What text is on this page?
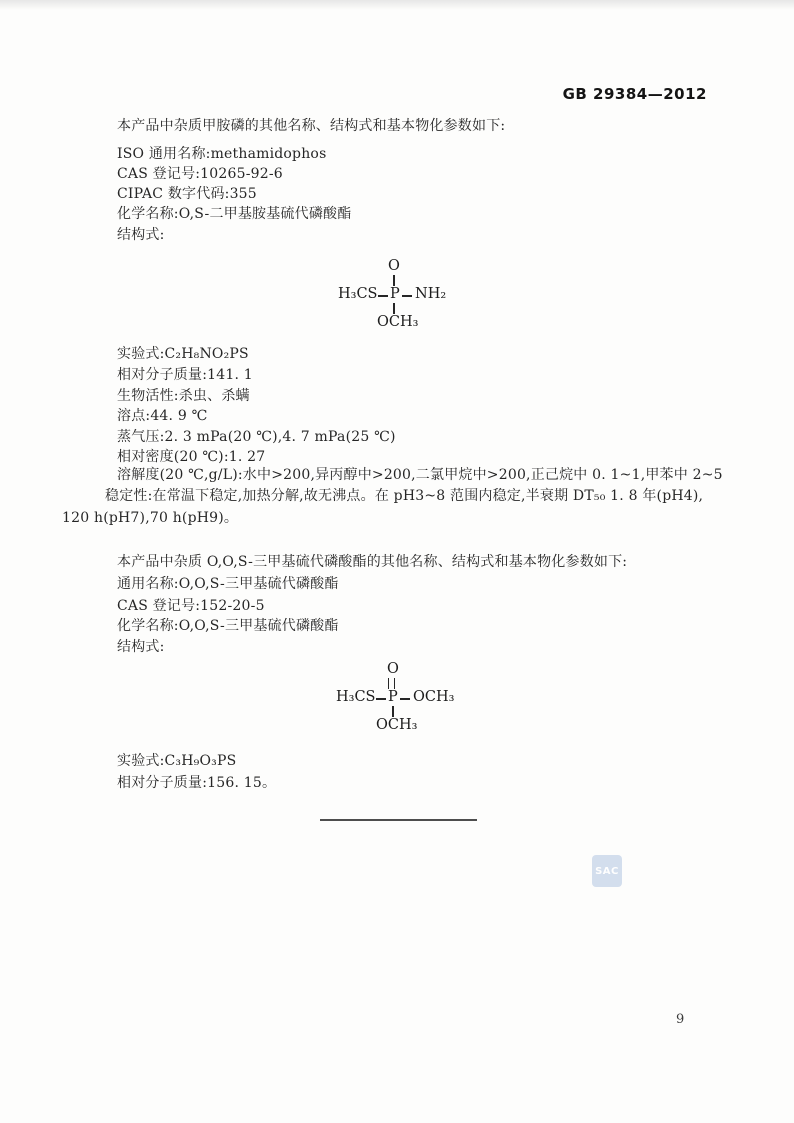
GB 29384—2012
本产品中杂质甲胺磷的其他名称、结构式和基本物化参数如下:
ISO 通用名称:methamidophos
CAS 登记号:10265-92-6
CIPAC 数字代码:355
化学名称:O,S-二甲基胺基硫代磷酸酯
结构式:
O
H₃CS P NH₂
OCH₃
实验式:C₂H₈NO₂PS
相对分子质量:141. 1
生物活性:杀虫、杀螨
溶点:44. 9 ℃
蒸气压:2. 3 mPa(20 ℃),4. 7 mPa(25 ℃)
相对密度(20 ℃):1. 27
溶解度(20 ℃,g/L):水中>200,异丙醇中>200,二氯甲烷中>200,正己烷中 0. 1~1,甲苯中 2~5
稳定性:在常温下稳定,加热分解,故无沸点。在 pH3~8 范围内稳定,半衰期 DT₅₀ 1. 8 年(pH4),
120 h(pH7),70 h(pH9)。
本产品中杂质 O,O,S-三甲基硫代磷酸酯的其他名称、结构式和基本物化参数如下:
通用名称:O,O,S-三甲基硫代磷酸酯
CAS 登记号:152-20-5
化学名称:O,O,S-三甲基硫代磷酸酯
结构式:
O
H₃CS P OCH₃
OCH₃
实验式:C₃H₉O₃PS
相对分子质量:156. 15。
SAC
9
